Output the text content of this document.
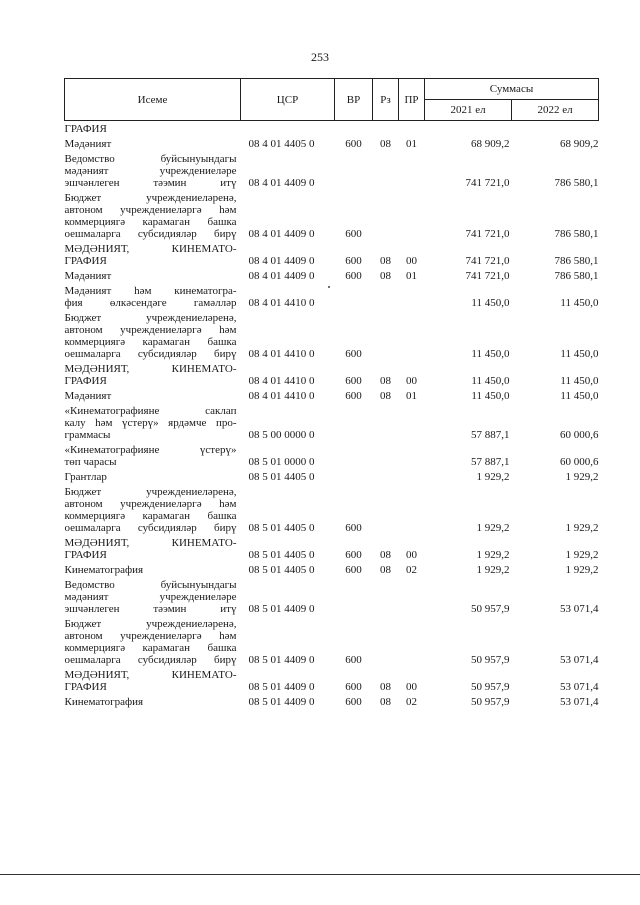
253
Исеме	ЦСР	ВР	Рз	ПР	Суммасы	
					2021 ел	2022 ел

ГРАФИЯ						

Мәдәният	08 4 01 4405 0	600	08	01	68 909,2	68 909,2

Ведомство буйсынуындагы
мәдәният учреждениеләре
эшчәнлеген тәэмин итү	08 4 01 4409 0				741 721,0	786 580,1

Бюджет учреждениеләренә,
автоном учреждениеләргә һәм
коммерциягә карамаган башка
оешмаларга субсидияләр бирү	08 4 01 4409 0	600			741 721,0	786 580,1

МӘДӘНИЯТ, КИНЕМАТО-
ГРАФИЯ	08 4 01 4409 0	600	08	00	741 721,0	786 580,1

Мәдәният	08 4 01 4409 0	600	08	01	741 721,0	786 580,1

Мәдәният һәм кинематогра-
фия өлкәсендәге гамәлләр	08 4 01 4410 0				11 450,0	11 450,0

Бюджет учреждениеләренә,
автоном учреждениеләргә һәм
коммерциягә карамаган башка
оешмаларга субсидияләр бирү	08 4 01 4410 0	600			11 450,0	11 450,0

МӘДӘНИЯТ, КИНЕМАТО-
ГРАФИЯ	08 4 01 4410 0	600	08	00	11 450,0	11 450,0

Мәдәният	08 4 01 4410 0	600	08	01	11 450,0	11 450,0

«Кинематографияне саклап
калу һәм үстерү» ярдәмче про-
граммасы	08 5 00 0000 0				57 887,1	60 000,6

«Кинематографияне үстерү»
төп чарасы	08 5 01 0000 0				57 887,1	60 000,6

Грантлар	08 5 01 4405 0				1 929,2	1 929,2

Бюджет учреждениеләренә,
автоном учреждениеләргә һәм
коммерциягә карамаган башка
оешмаларга субсидияләр бирү	08 5 01 4405 0	600			1 929,2	1 929,2

МӘДӘНИЯТ, КИНЕМАТО-
ГРАФИЯ	08 5 01 4405 0	600	08	00	1 929,2	1 929,2

Кинематография	08 5 01 4405 0	600	08	02	1 929,2	1 929,2

Ведомство буйсынуындагы
мәдәният учреждениеләре
эшчәнлеген тәэмин итү	08 5 01 4409 0				50 957,9	53 071,4

Бюджет учреждениеләренә,
автоном учреждениеләргә һәм
коммерциягә карамаган башка
оешмаларга субсидияләр бирү	08 5 01 4409 0	600			50 957,9	53 071,4

МӘДӘНИЯТ, КИНЕМАТО-
ГРАФИЯ	08 5 01 4409 0	600	08	00	50 957,9	53 071,4

Кинематография	08 5 01 4409 0	600	08	02	50 957,9	53 071,4
